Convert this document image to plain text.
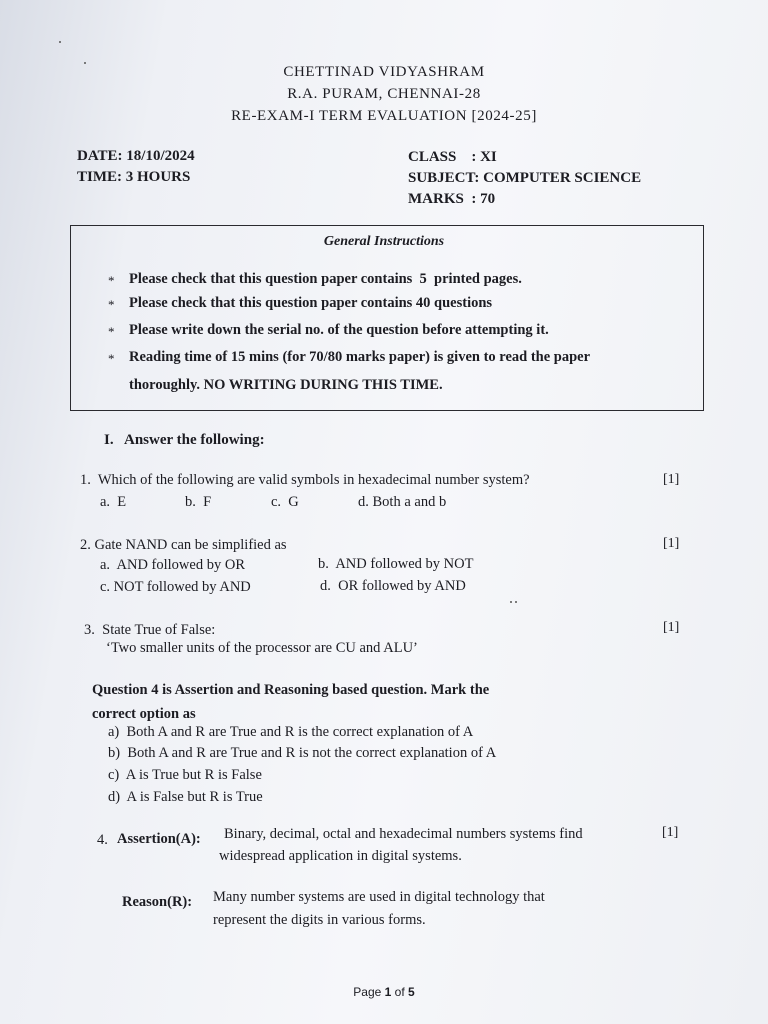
CHETTINAD VIDYASHRAM
R.A. PURAM, CHENNAI-28
RE-EXAM-I TERM EVALUATION [2024-25]
DATE: 18/10/2024
TIME: 3 HOURS
CLASS    : XI
SUBJECT: COMPUTER SCIENCE
MARKS  : 70
General Instructions
* Please check that this question paper contains  5  printed pages.
* Please check that this question paper contains 40 questions
* Please write down the serial no. of the question before attempting it.
* Reading time of 15 mins (for 70/80 marks paper) is given to read the paper
thoroughly. NO WRITING DURING THIS TIME.
I.   Answer the following:
1.  Which of the following are valid symbols in hexadecimal number system?	[1]
a.  E	b.  F	c.  G	d. Both a and b
2. Gate NAND can be simplified as	[1]
a.  AND followed by OR	b.  AND followed by NOT
c. NOT followed by AND	d.  OR followed by AND
3.  State True of False:	[1]
‘Two smaller units of the processor are CU and ALU’
Question 4 is Assertion and Reasoning based question. Mark the
correct option as
a)  Both A and R are True and R is the correct explanation of A
b)  Both A and R are True and R is not the correct explanation of A
c)  A is True but R is False
d)  A is False but R is True
4. Assertion(A): Binary, decimal, octal and hexadecimal numbers systems find	[1]
widespread application in digital systems.
Reason(R): Many number systems are used in digital technology that
represent the digits in various forms.
Page 1 of 5
